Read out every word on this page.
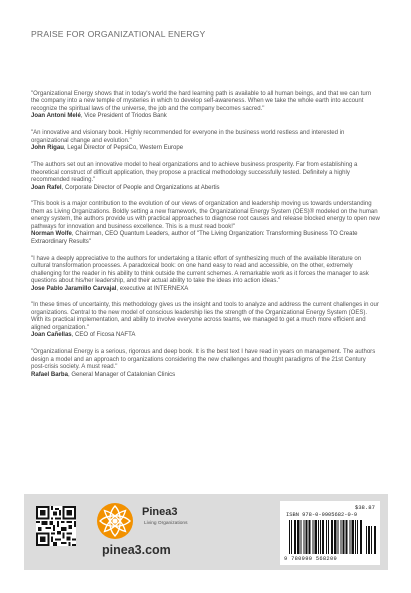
PRAISE FOR ORGANIZATIONAL ENERGY
"Organizational Energy shows that in today's world the hard learning path is available to all human beings, and that we can turn the company into a new temple of mysteries in which to develop self-awareness. When we take the whole earth into account recognize the spiritual laws of the universe, the job and the company becomes sacred."
Joan Antoni Melé, Vice President of Triodos Bank
"An innovative and visionary book. Highly recommended for everyone in the business world restless and interested in organizational change and evolution."
John Rigau, Legal Director of PepsiCo, Western Europe
"The authors set out an innovative model to heal organizations and to achieve business prosperity. Far from establishing a theoretical construct of difficult application, they propose a practical methodology successfully tested. Definitely a highly recommended reading."
Joan Rafel, Corporate Director of People and Organizations at Abertis
"This book is a major contribution to the evolution of our views of organization and leadership moving us towards understanding them as Living Organizations. Boldly setting a new framework, the Organizational Energy System (OES)® modeled on the human energy system, the authors provide us with practical approaches to diagnose root causes and release blocked energy to open new pathways for innovation and business excellence. This is a must read book!"
Norman Wolfe, Chairman, CEO Quantum Leaders, author of "The Living Organization: Transforming Business TO Create Extraordinary Results"
"I have a deeply appreciative to the authors for undertaking a titanic effort of synthesizing much of the available literature on cultural transformation processes. A paradoxical book: on one hand easy to read and accessible, on the other, extremely challenging for the reader in his ability to think outside the current schemes. A remarkable work as it forces the manager to ask questions about his/her leadership, and their actual ability to take the ideas into action ideas."
Jose Pablo Jaramillo Carvajal, executive at INTERNEXA
"In these times of uncertainty, this methodology gives us the insight and tools to analyze and address the current challenges in our organizations. Central to the new model of conscious leadership lies the strength of the Organizational Energy System (OES). With its practical implementation, and ability to involve everyone across teams, we managed to get a much more efficient and aligned organization."
Joan Cañellas, CEO of Ficosa NAFTA
"Organizational Energy is a serious, rigorous and deep book. It is the best text I have read in years on management. The authors design a model and an approach to organizations considering the new challenges and thought paradigms of the 21st Century post-crisis society. A must read."
Rafael Barba, General Manager of Catalonian Clinics
Pinea3
Living Organizations
pinea3.com
$38.87
ISBN 978-0-9905682-0-9
9 780990 568209
